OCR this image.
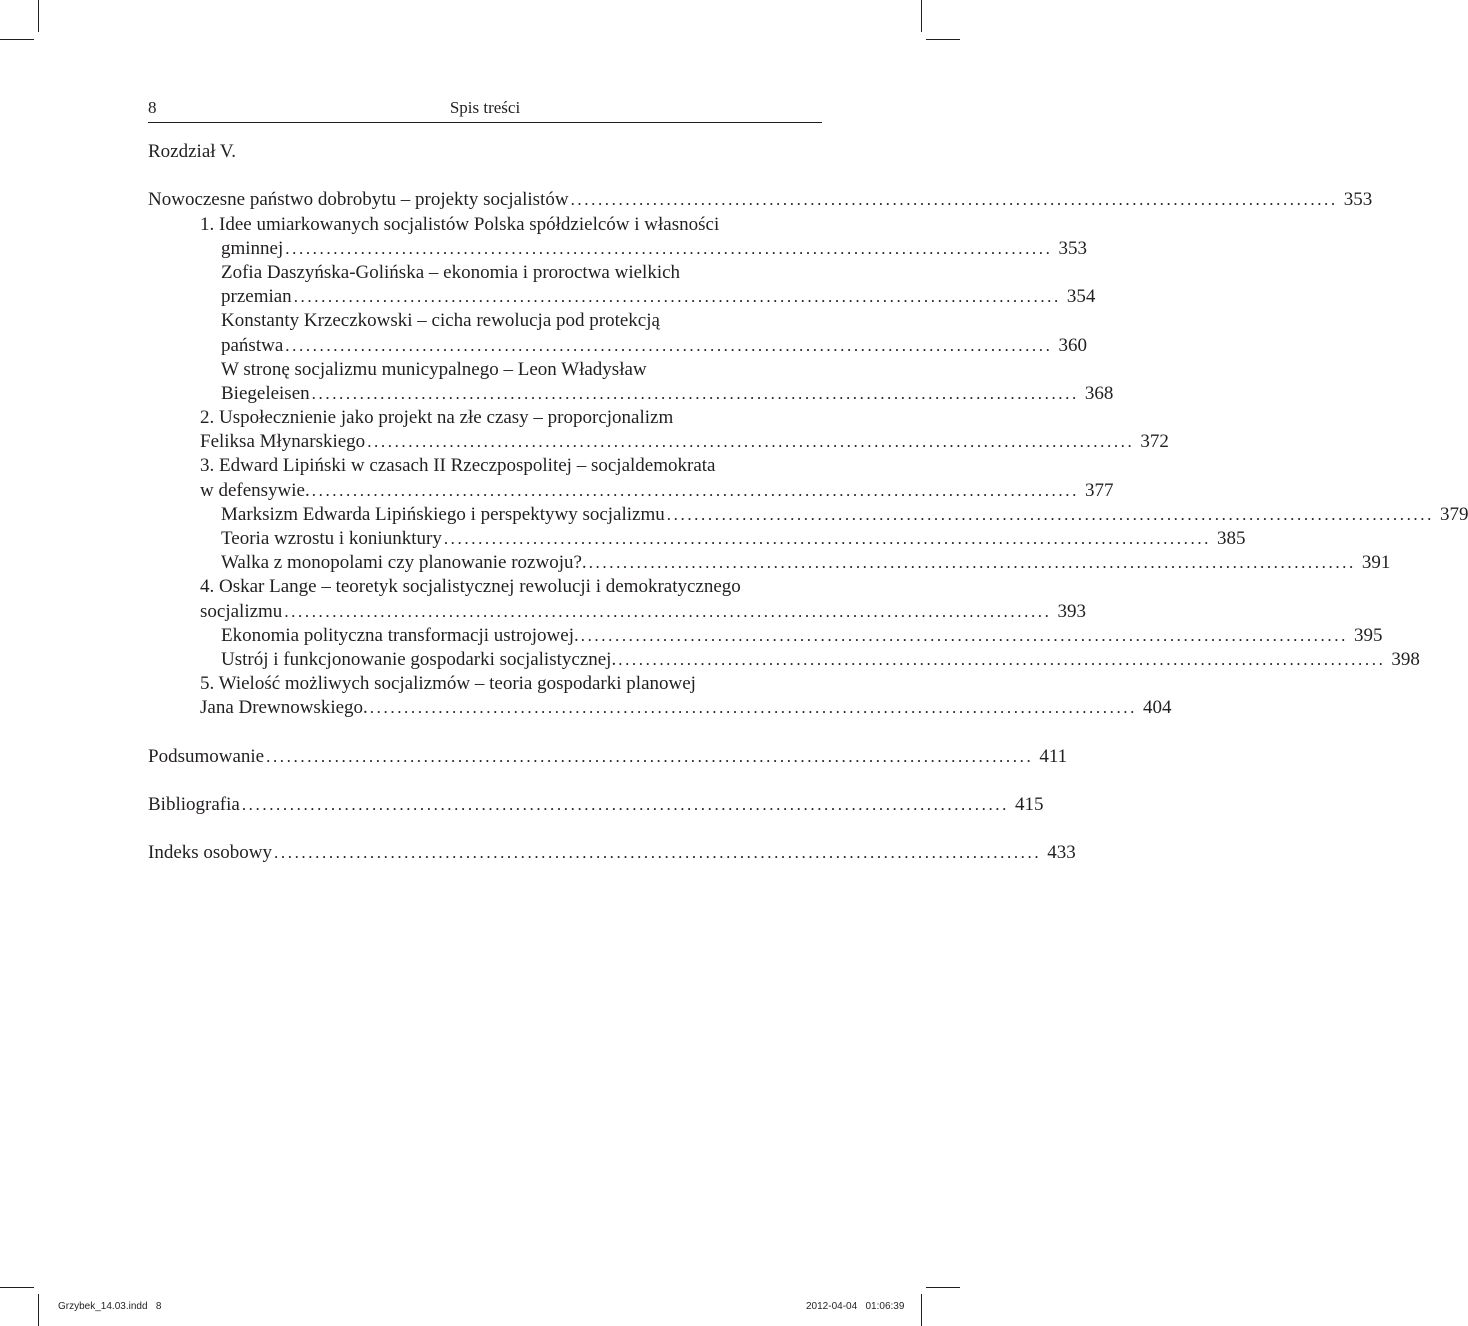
8	Spis treści
Rozdział V.
Nowoczesne państwo dobrobytu – projekty socjalistów ................................................................................................................ 353
1. Idee umiarkowanych socjalistów Polska spółdzielców i własności
gminnej ................................................................................................................ 353
Zofia Daszyńska-Golińska – ekonomia i proroctwa wielkich
przemian ................................................................................................................ 354
Konstanty Krzeczkowski – cicha rewolucja pod protekcją
państwa ................................................................................................................ 360
W stronę socjalizmu municypalnego – Leon Władysław
Biegeleisen ................................................................................................................ 368
2. Uspołecznienie jako projekt na złe czasy – proporcjonalizm
Feliksa Młynarskiego ................................................................................................................ 372
3. Edward Lipiński w czasach II Rzeczpospolitej – socjaldemokrata
w defensywie. ................................................................................................................ 377
Marksizm Edwarda Lipińskiego i perspektywy socjalizmu ................................................................................................................ 379
Teoria wzrostu i koniunktury ................................................................................................................ 385
Walka z monopolami czy planowanie rozwoju?. ................................................................................................................ 391
4. Oskar Lange – teoretyk socjalistycznej rewolucji i demokratycznego
socjalizmu ................................................................................................................ 393
Ekonomia polityczna transformacji ustrojowej. ................................................................................................................ 395
Ustrój i funkcjonowanie gospodarki socjalistycznej. ................................................................................................................ 398
5. Wielość możliwych socjalizmów – teoria gospodarki planowej
Jana Drewnowskiego. ................................................................................................................ 404
Podsumowanie ................................................................................................................ 411
Bibliografia ................................................................................................................ 415
Indeks osobowy ................................................................................................................ 433
Grzybek_14.03.indd   8	2012-04-04   01:06:39
